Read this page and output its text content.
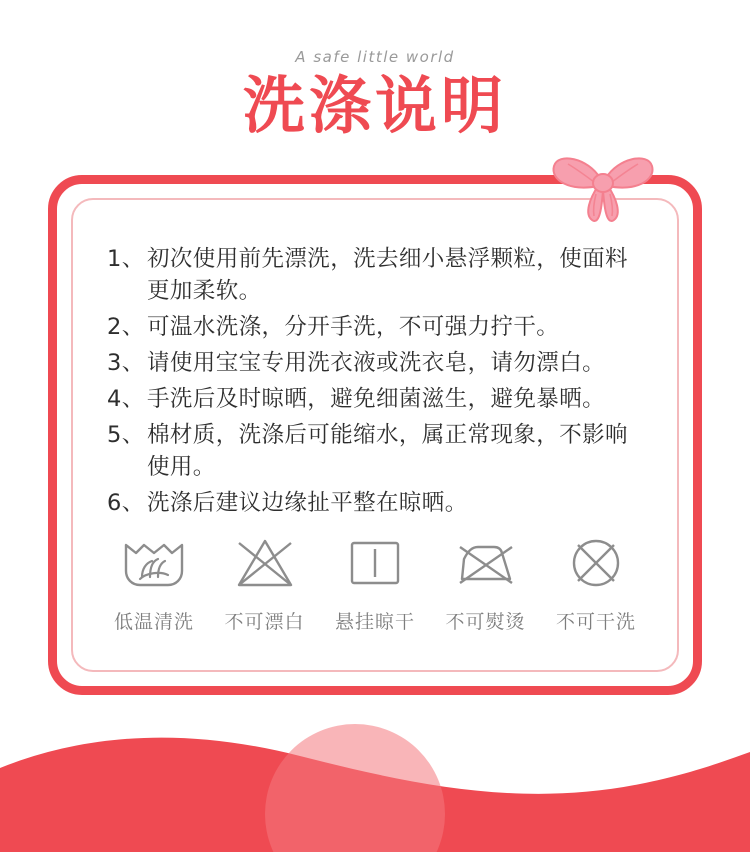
A safe little world
洗涤说明
1、 初次使用前先漂洗，洗去细小悬浮颗粒，使面料更加柔软。
2、 可温水洗涤，分开手洗，不可强力拧干。
3、 请使用宝宝专用洗衣液或洗衣皂，请勿漂白。
4、 手洗后及时晾晒，避免细菌滋生，避免暴晒。
5、 棉材质，洗涤后可能缩水，属正常现象，不影响使用。
6、 洗涤后建议边缘扯平整在晾晒。
低温清洗	不可漂白	悬挂晾干	不可熨烫	不可干洗
